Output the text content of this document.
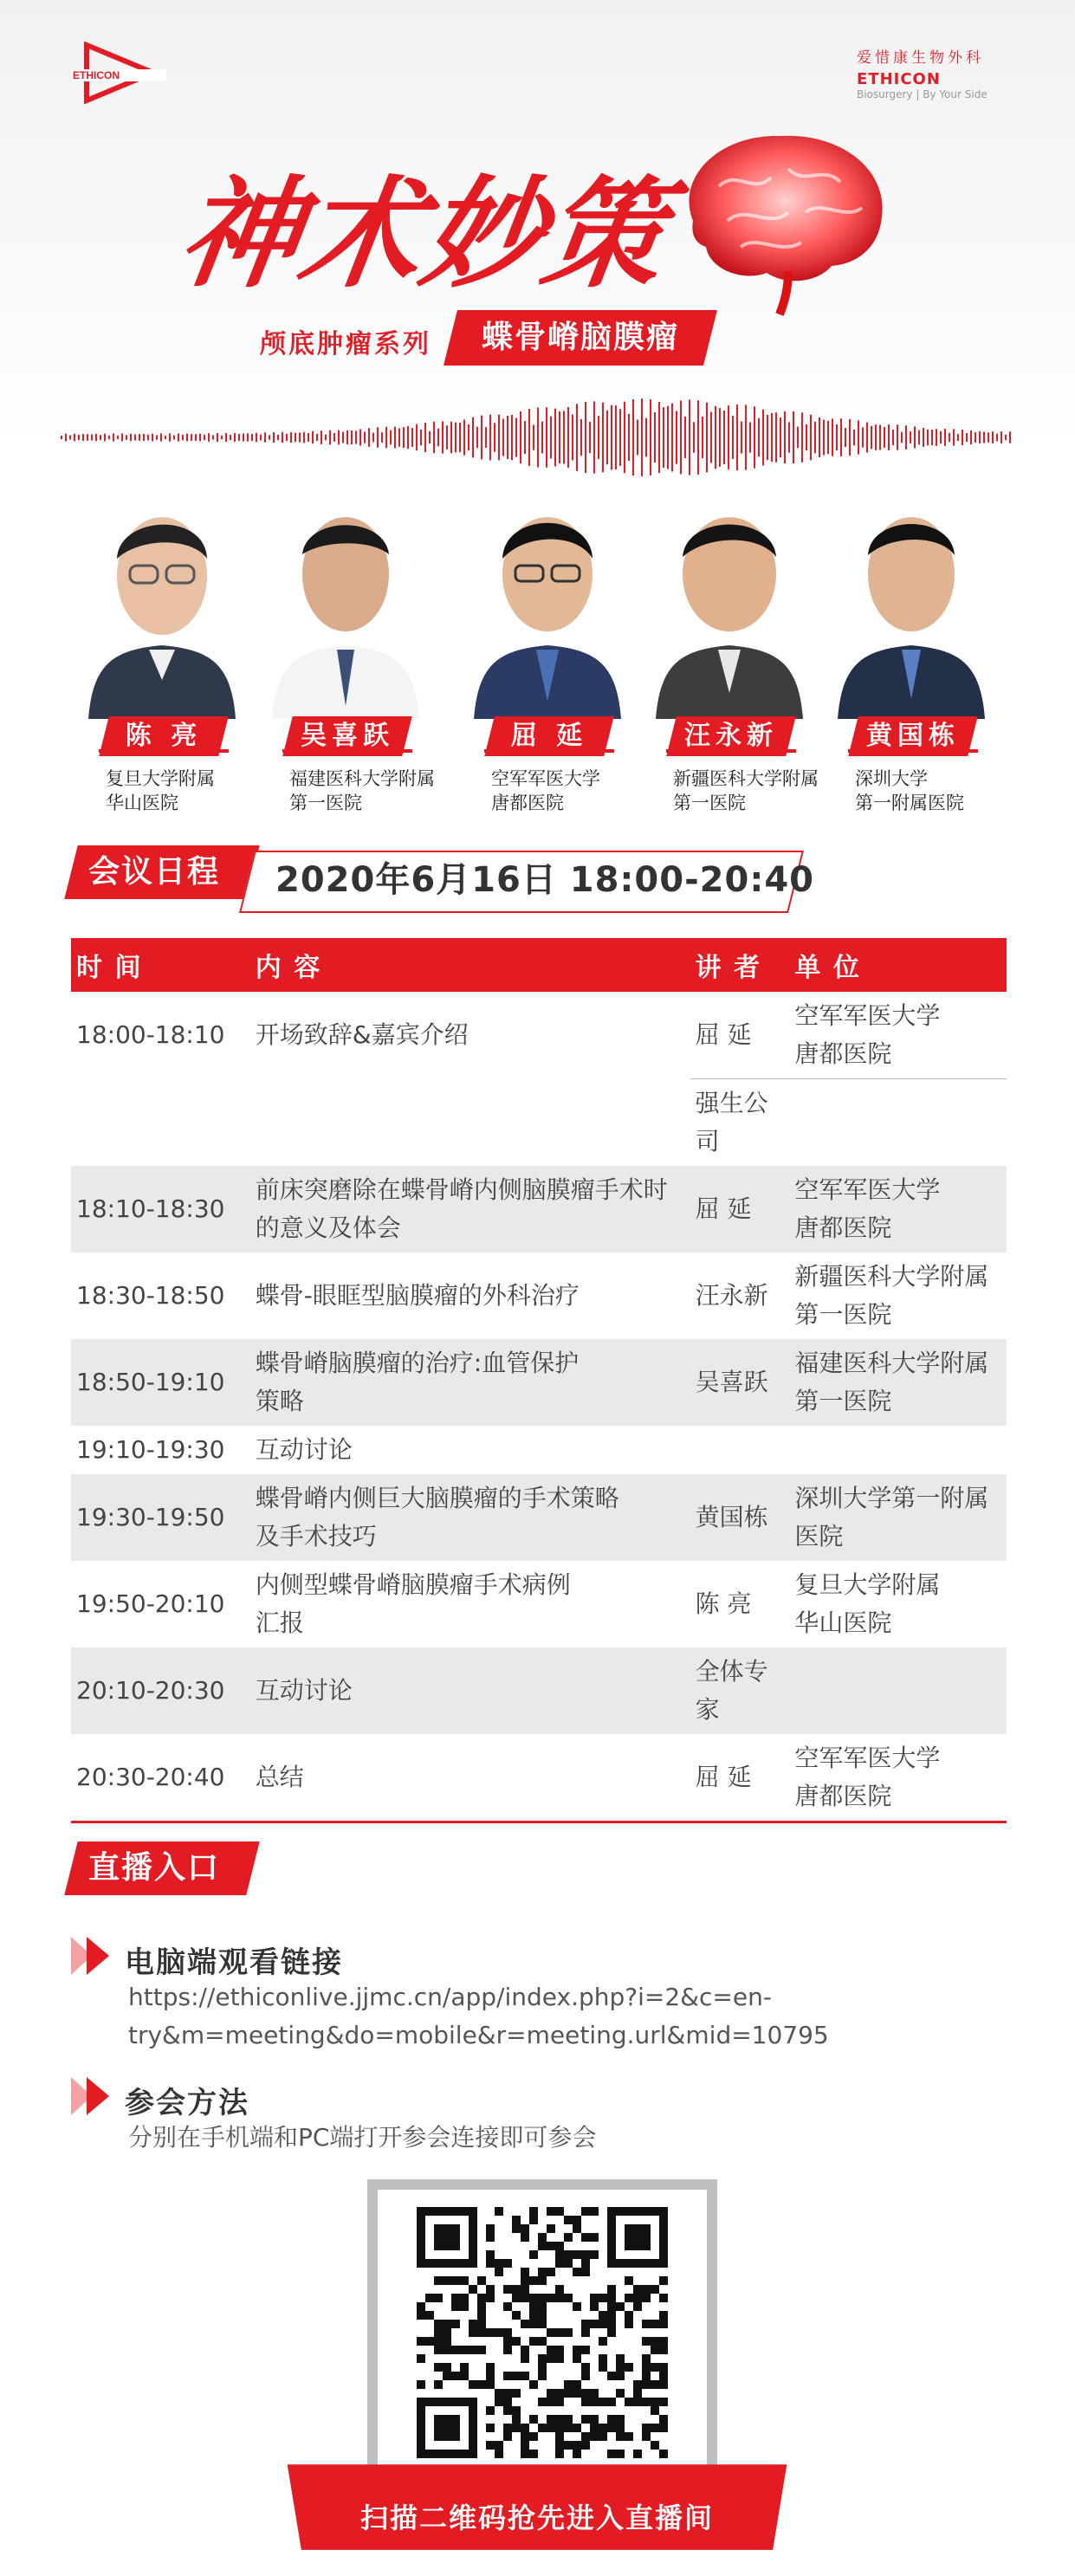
ETHICON
爱惜康生物外科
ETHICON
Biosurgery | By Your Side
神术妙策
颅底肿瘤系列	蝶骨嵴脑膜瘤
陈 亮
复旦大学附属
华山医院
吴喜跃
福建医科大学附属
第一医院
屈 延
空军军医大学
唐都医院
汪永新
新疆医科大学附属
第一医院
黄国栋
深圳大学
第一附属医院
会议日程	2020年6月16日 18:00-20:40
时 间	内 容	讲 者	单 位
18:00-18:10	开场致辞&嘉宾介绍	屈 延	空军军医大学
唐都医院
		强生公司	
18:10-18:30	前床突磨除在蝶骨嵴内侧脑膜瘤手术时的意义及体会	屈 延	空军军医大学
唐都医院
18:30-18:50	蝶骨-眼眶型脑膜瘤的外科治疗	汪永新	新疆医科大学附属
第一医院
18:50-19:10	蝶骨嵴脑膜瘤的治疗:血管保护
策略	吴喜跃	福建医科大学附属
第一医院
19:10-19:30	互动讨论		
19:30-19:50	蝶骨嵴内侧巨大脑膜瘤的手术策略
及手术技巧	黄国栋	深圳大学第一附属
医院
19:50-20:10	内侧型蝶骨嵴脑膜瘤手术病例
汇报	陈 亮	复旦大学附属
华山医院
20:10-20:30	互动讨论	全体专家	
20:30-20:40	总结	屈 延	空军军医大学
唐都医院
直播入口
电脑端观看链接
https://ethiconlive.jjmc.cn/app/index.php?i=2&c=en-
try&m=meeting&do=mobile&r=meeting.url&mid=10795
参会方法
分别在手机端和PC端打开参会连接即可参会
扫描二维码抢先进入直播间
